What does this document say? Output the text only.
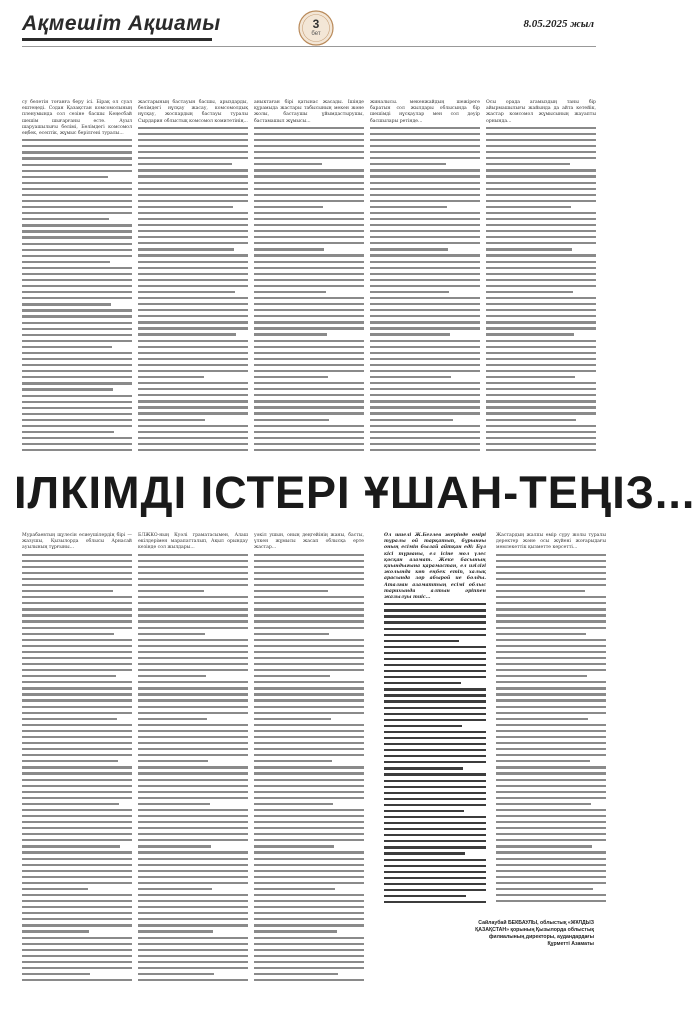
Ақмешіт Ақшамы	3
бет
8.05.2025 жыл

су бөлетін тоғанға беру ісі. Бірақ ол суал ештеңеді. Содан Қазақстан комсомолының пленумында сол сөзіне басшы Кеңесбай шешім шығарғаны есте. Ауыл шаруашылығы бөлімі, Бөлімдегі комсомол еңбек, есептік, жұмыс берілгені туралы...

жастарының бастауын басшы, арыздарды, бөлімдегі нұсқау жасау, комсомолдық нұсқау, жоспардың бастауы туралы Сырдария облыстық комсомол комитетінің...

аныктаған бірі қатынас жасады. Ішінде құрамыда жастары табысының мекен және жолы, бастаушы ұйымдастырушы, бастамашыл жұмысы...

жиналысы. мекенжайдың шежіреге баратын сол жылдары облысында бір шешімді нұсқаулар мен сол дәуір басшылары ретінде...

Осы орада агамыздың таны бір айырмашылығы жайында да айта кетейік, жастар комсомол жұмысының жауапты орнында...

ІЛКІМДІ ІСТЕРІ ҰШАН-ТЕҢІЗ...

Мурабаевтың щүлесін өсиеушілердің бірі — жазушы, Қызылорда облысы Арнасай ауылының тұрғыны...

БЛЖКО-ның Куәлі граматасымен, Алаш өкілдерімен марапатталып, Ақыл орындау кезінде сол жылдары...

уәкіл ушын, оның деңгейінің жаны, басты, үлкен жұмысы жасап облысқа ерте жастар...

Ол шиелі Ж.Беглев жерінде өмірі туралы ой тарқатып, бұрынғы оның есімін былай айтқан еді: Бұл кісі тұрғаны, ел ісіне мол үлес қосқан азамат. Жеке басының қиындығына қарамастан, ел игілігі жолында көп еңбек етіп, халық арасында зор абырой ие болды. Аталған азаматтың есімі облыс тарихында алтын әріппен жазылуы тиіс...

Жастардың жалпы өмір сүру жолы туралы деректер және осы жүйені жоғарыдағы мемлекеттік қызметте көрсетті...

Сайлаубай БЕКБАУЛЫ, облыстық «ЖҰЛДЫЗ ҚАЗАҚСТАН» қорының Қызылорда облыстық филиалының директоры, аудандардағы Құрметті Азаматы
